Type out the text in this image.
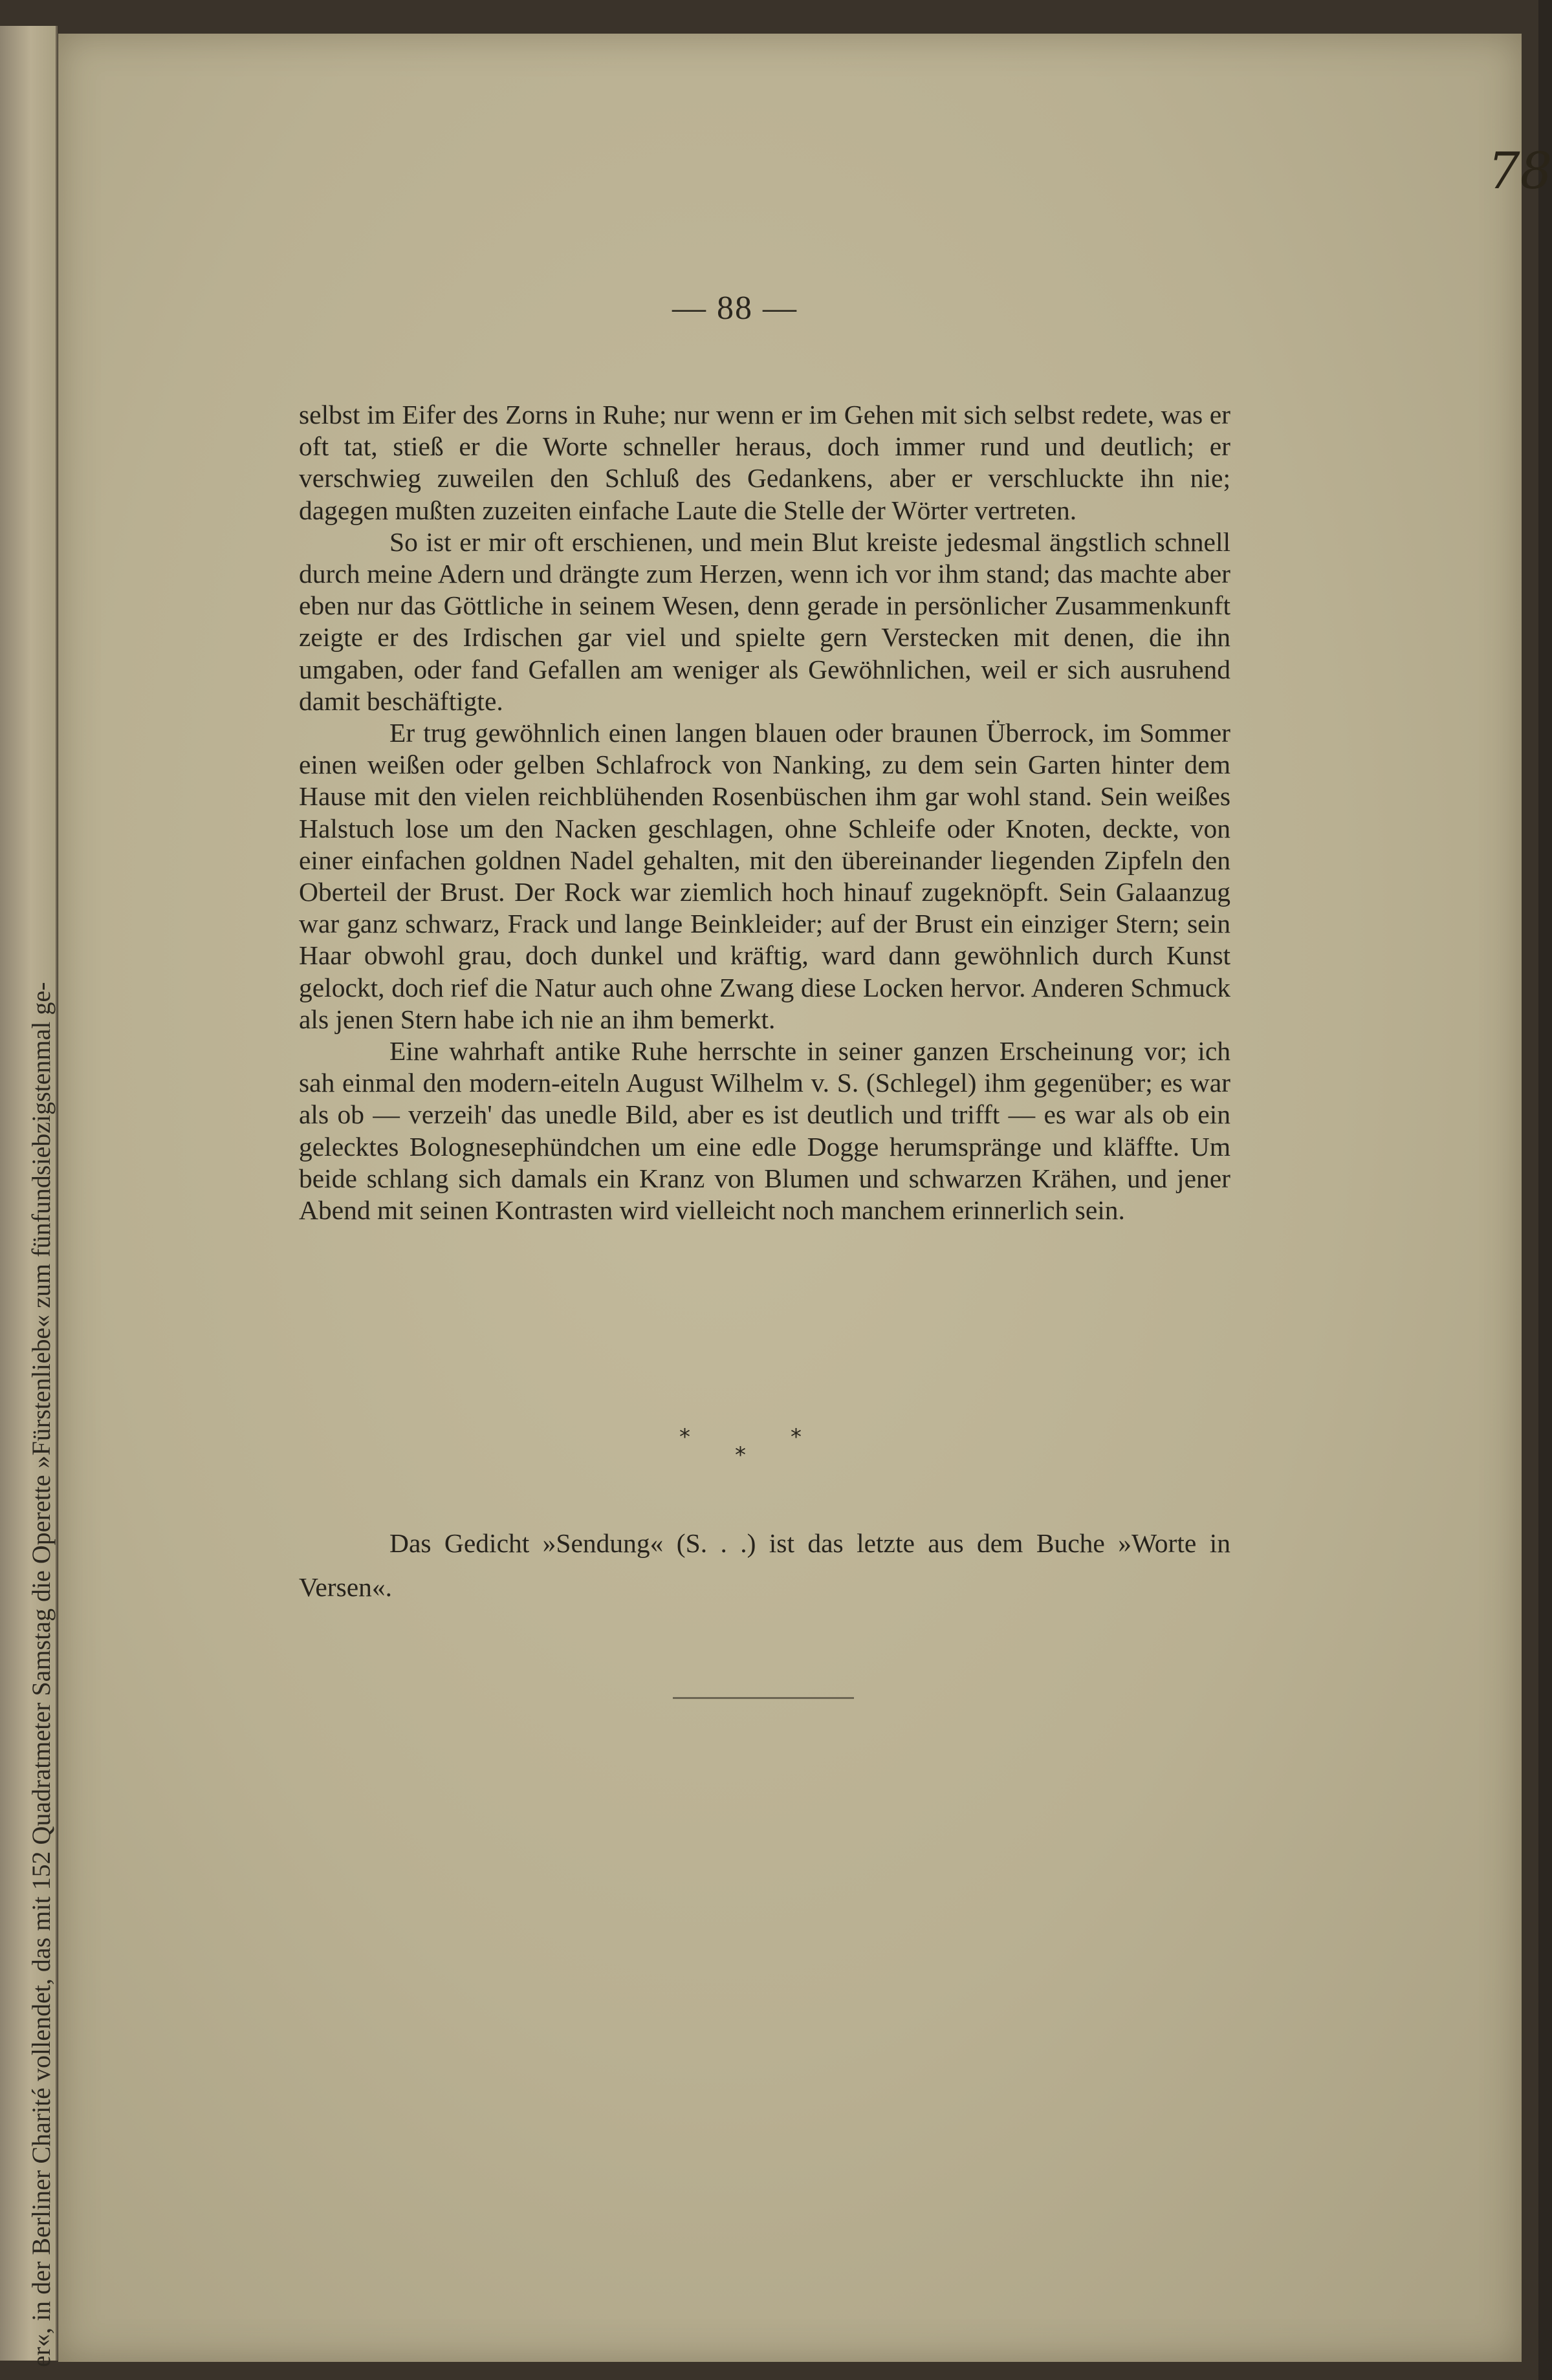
er«, in der Berliner Charité vollendet, das mit 152 Quadratmeter Samstag die Operette »Fürstenliebe« zum fünfundsiebzigstenmal ge-
78
— 88 —

selbst im Eifer des Zorns in Ruhe; nur wenn er im Gehen mit sich selbst redete, was er oft tat, stieß er die Worte schneller heraus, doch immer rund und deutlich; er verschwieg zuweilen den Schluß des Gedankens, aber er verschluckte ihn nie; dagegen mußten zuzeiten einfache Laute die Stelle der Wörter vertreten.

So ist er mir oft erschienen, und mein Blut kreiste jedesmal ängstlich schnell durch meine Adern und drängte zum Herzen, wenn ich vor ihm stand; das machte aber eben nur das Göttliche in seinem Wesen, denn gerade in persönlicher Zusammenkunft zeigte er des Irdischen gar viel und spielte gern Verstecken mit denen, die ihn umgaben, oder fand Gefallen am weniger als Gewöhnlichen, weil er sich ausruhend damit beschäftigte.

Er trug gewöhnlich einen langen blauen oder braunen Überrock, im Sommer einen weißen oder gelben Schlafrock von Nanking, zu dem sein Garten hinter dem Hause mit den vielen reichblühenden Rosenbüschen ihm gar wohl stand. Sein weißes Halstuch lose um den Nacken geschlagen, ohne Schleife oder Knoten, deckte, von einer einfachen goldnen Nadel gehalten, mit den übereinander liegenden Zipfeln den Oberteil der Brust. Der Rock war ziemlich hoch hinauf zugeknöpft. Sein Galaanzug war ganz schwarz, Frack und lange Beinkleider; auf der Brust ein einziger Stern; sein Haar obwohl grau, doch dunkel und kräftig, ward dann gewöhnlich durch Kunst gelockt, doch rief die Natur auch ohne Zwang diese Locken hervor. Anderen Schmuck als jenen Stern habe ich nie an ihm bemerkt.

Eine wahrhaft antike Ruhe herrschte in seiner ganzen Erscheinung vor; ich sah einmal den modern-eiteln August Wilhelm v. S. (Schlegel) ihm gegenüber; es war als ob — verzeih' das unedle Bild, aber es ist deutlich und trifft — es war als ob ein gelecktes Bolognesерhündchen um eine edle Dogge herumspränge und kläffte. Um beide schlang sich damals ein Kranz von Blumen und schwarzen Krähen, und jener Abend mit seinen Kontrasten wird vielleicht noch manchem erinnerlich sein.

*	*
*

Das Gedicht »Sendung« (S. . .) ist das letzte aus dem Buche »Worte in Versen«.
